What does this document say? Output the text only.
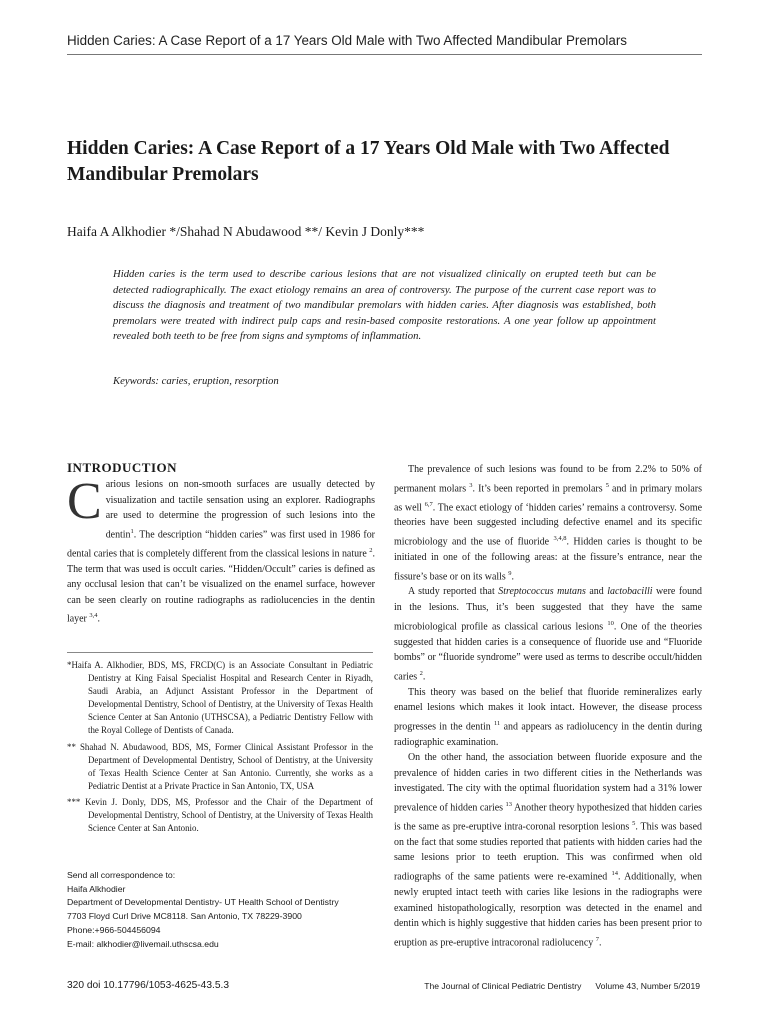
Hidden Caries: A Case Report of a 17 Years Old Male with Two Affected Mandibular Premolars
Hidden Caries: A Case Report of a 17 Years Old Male with Two Affected Mandibular Premolars
Haifa A Alkhodier */Shahad N Abudawood **/ Kevin J Donly***

Hidden caries is the term used to describe carious lesions that are not visualized clinically on erupted teeth but can be detected radiographically. The exact etiology remains an area of controversy. The purpose of the current case report was to discuss the diagnosis and treatment of two mandibular premolars with hidden caries. After diagnosis was established, both premolars were treated with indirect pulp caps and resin-based composite restorations. A one year follow up appointment revealed both teeth to be free from signs and symptoms of inflammation.

Keywords: caries, eruption, resorption
INTRODUCTION

Carious lesions on non-smooth surfaces are usually detected by visualization and tactile sensation using an explorer. Radiographs are used to determine the progression of such lesions into the dentin$^1$. The description “hidden caries” was first used in 1986 for dental caries that is completely different from the classical lesions in nature $^2$. The term that was used is occult caries. “Hidden/Occult” caries is defined as any occlusal lesion that can’t be visualized on the enamel surface, however can be seen clearly on routine radiographs as radiolucencies in the dentin layer $^{3,4}$.

*Haifa A. Alkhodier, BDS, MS, FRCD(C) is an Associate Consultant in Pediatric Dentistry at King Faisal Specialist Hospital and Research Center in Riyadh, Saudi Arabia, an Adjunct Assistant Professor in the Department of Developmental Dentistry, School of Dentistry, at the University of Texas Health Science Center at San Antonio (UTHSCSA), a Pediatric Dentistry Fellow with the Royal College of Dentists of Canada.
** Shahad N. Abudawood, BDS, MS, Former Clinical Assistant Professor in the Department of Developmental Dentistry, School of Dentistry, at the University of Texas Health Science Center at San Antonio. Currently, she works as a Pediatric Dentist at a Private Practice in San Antonio, TX, USA
*** Kevin J. Donly, DDS, MS, Professor and the Chair of the Department of Developmental Dentistry, School of Dentistry, at the University of Texas Health Science Center at San Antonio.
Send all correspondence to:
Haifa Alkhodier
Department of Developmental Dentistry- UT Health School of Dentistry
7703 Floyd Curl Drive MC8118. San Antonio, TX 78229-3900
Phone:+966-504456094
E-mail: alkhodier@livemail.uthscsa.edu

The prevalence of such lesions was found to be from 2.2% to 50% of permanent molars $^3$. It’s been reported in premolars $^5$ and in primary molars as well $^{6,7}$. The exact etiology of ‘hidden caries’ remains a controversy. Some theories have been suggested including defective enamel and its specific microbiology and the use of fluoride $^{3,4,8}$. Hidden caries is thought to be initiated in one of the following areas: at the fissure’s entrance, near the fissure’s base or on its walls $^9$.

A study reported that Streptococcus mutans and lactobacilli were found in the lesions. Thus, it’s been suggested that they have the same microbiological profile as classical carious lesions $^{10}$. One of the theories suggested that hidden caries is a consequence of fluoride use and “Fluoride bombs” or “fluoride syndrome” were used as terms to describe occult/hidden caries $^2$.

This theory was based on the belief that fluoride remineralizes early enamel lesions which makes it look intact. However, the disease process progresses in the dentin $^{11}$ and appears as radiolucency in the dentin during radiographic examination.

On the other hand, the association between fluoride exposure and the prevalence of hidden caries in two different cities in the Netherlands was investigated. The city with the optimal fluoridation system had a 31% lower prevalence of hidden caries $^{13}$ Another theory hypothesized that hidden caries is the same as pre-eruptive intra-coronal resorption lesions $^5$. This was based on the fact that some studies reported that patients with hidden caries had the same lesions prior to teeth eruption. This was confirmed when old radiographs of the same patients were re-examined $^{14}$. Additionally, when newly erupted intact teeth with caries like lesions in the radiographs were examined histopathologically, resorption was detected in the enamel and dentin which is highly suggestive that hidden caries has been present prior to eruption as pre-eruptive intracoronal radiolucency $^7$.

320 doi 10.17796/1053-4625-43.5.3	The Journal of Clinical Pediatric Dentistry Volume 43, Number 5/2019
